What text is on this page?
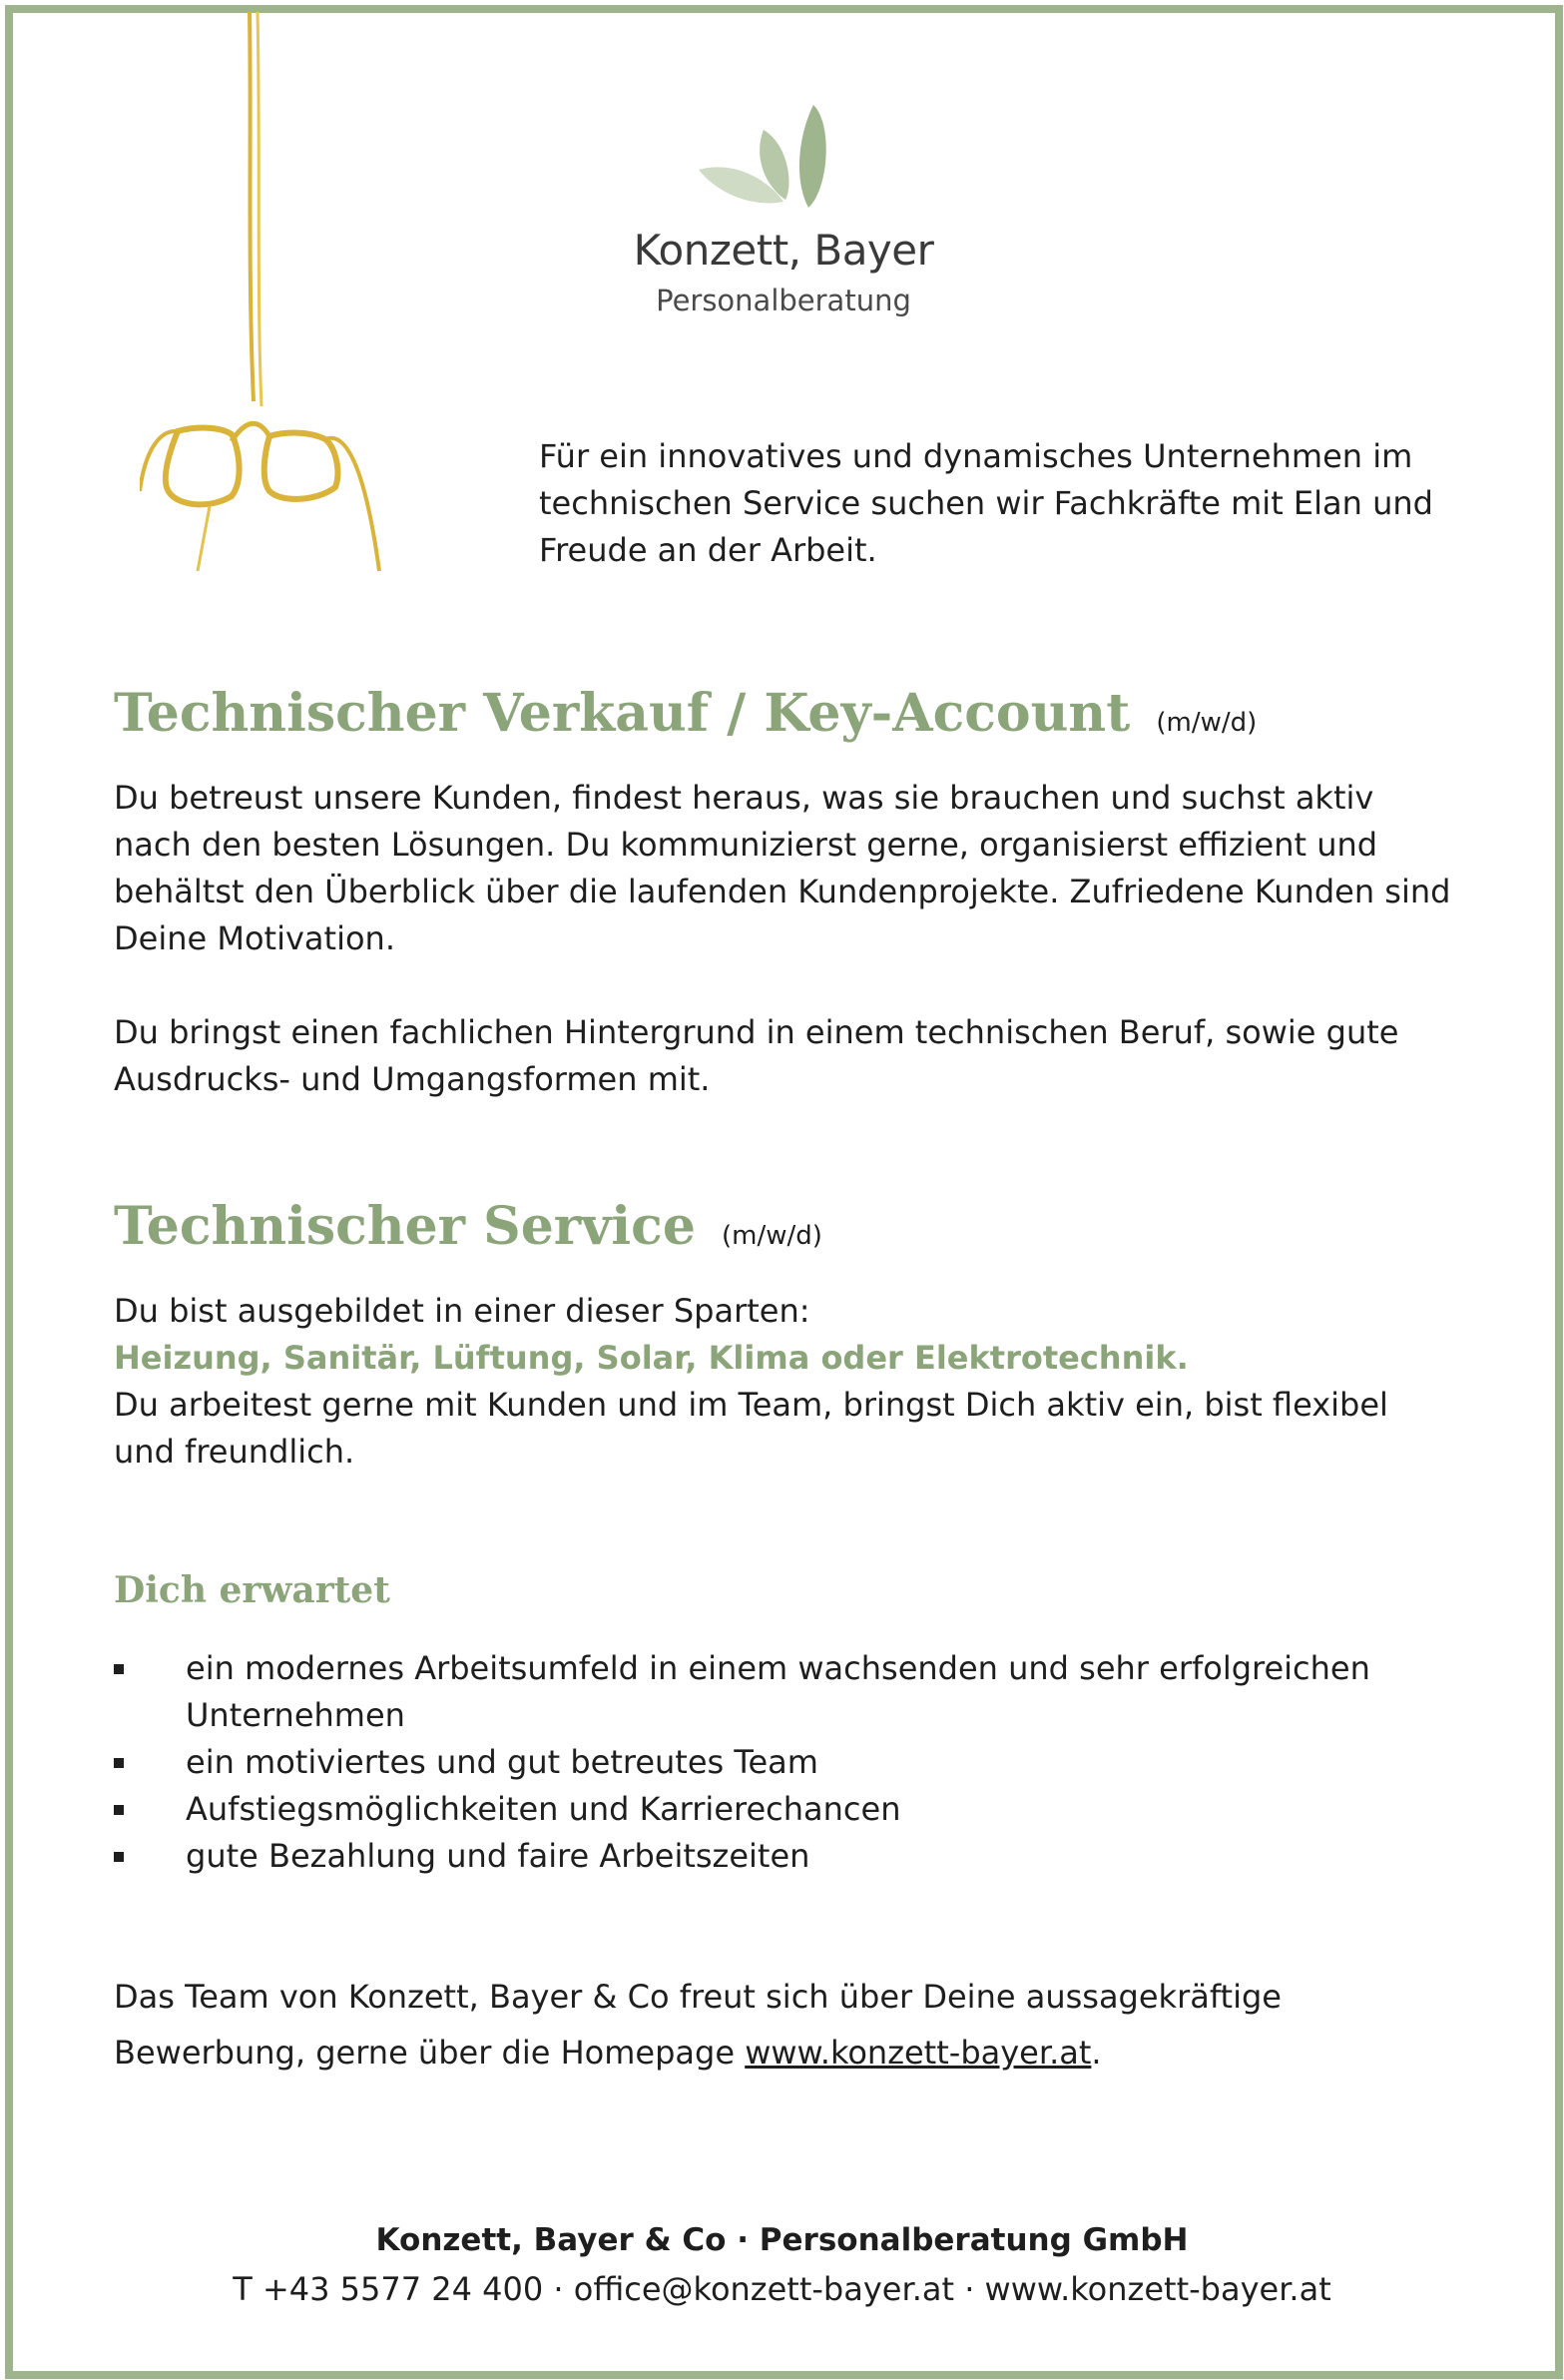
Konzett, Bayer
Personalberatung
Für ein innovatives und dynamisches Unternehmen im technischen Service suchen wir Fachkräfte mit Elan und Freude an der Arbeit.
Technischer Verkauf / Key-Account (m/w/d)

Du betreust unsere Kunden, findest heraus, was sie brauchen und suchst aktiv nach den besten Lösungen. Du kommunizierst gerne, organisierst effizient und behältst den Überblick über die laufenden Kundenprojekte. Zufriedene Kunden sind Deine Motivation.

Du bringst einen fachlichen Hintergrund in einem technischen Beruf, sowie gute Ausdrucks- und Umgangsformen mit.

Technischer Service (m/w/d)
Du bist ausgebildet in einer dieser Sparten:
Heizung, Sanitär, Lüftung, Solar, Klima oder Elektrotechnik.
Du arbeitest gerne mit Kunden und im Team, bringst Dich aktiv ein, bist flexibel und freundlich.
Dich erwartet
ein modernes Arbeitsumfeld in einem wachsenden und sehr erfolgreichen Unternehmen
ein motiviertes und gut betreutes Team
Aufstiegsmöglichkeiten und Karrierechancen
gute Bezahlung und faire Arbeitszeiten
Das Team von Konzett, Bayer & Co freut sich über Deine aussagekräftige Bewerbung, gerne über die Homepage www.konzett-bayer.at.
Konzett, Bayer & Co · Personalberatung GmbH
T +43 5577 24 400 · office@konzett-bayer.at · www.konzett-bayer.at
